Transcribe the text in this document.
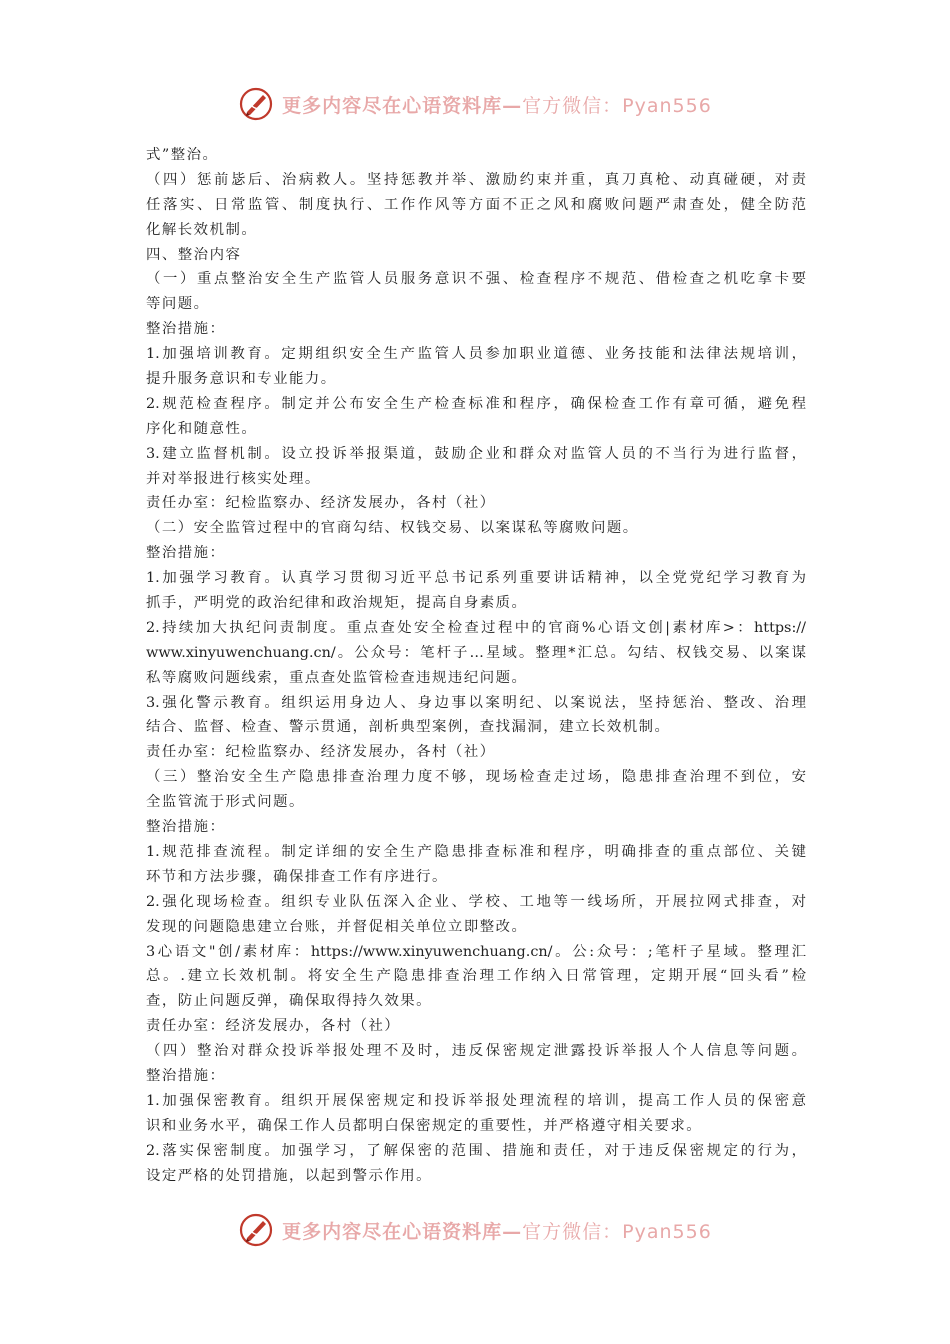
更多内容尽在心语资料库—官方微信：Pyan556
式”整治。
（四）惩前毖后、治病救人。坚持惩教并举、激励约束并重，真刀真枪、动真碰硬，对责
任落实、日常监管、制度执行、工作作风等方面不正之风和腐败问题严肃查处，健全防范
化解长效机制。
四、整治内容
（一）重点整治安全生产监管人员服务意识不强、检查程序不规范、借检查之机吃拿卡要
等问题。
整治措施：
1.加强培训教育。定期组织安全生产监管人员参加职业道德、业务技能和法律法规培训，
提升服务意识和专业能力。
2.规范检查程序。制定并公布安全生产检查标准和程序，确保检查工作有章可循，避免程
序化和随意性。
3.建立监督机制。设立投诉举报渠道，鼓励企业和群众对监管人员的不当行为进行监督，
并对举报进行核实处理。
责任办室：纪检监察办、经济发展办，各村（社）
（二）安全监管过程中的官商勾结、权钱交易、以案谋私等腐败问题。
整治措施：
1.加强学习教育。认真学习贯彻习近平总书记系列重要讲话精神，以全党党纪学习教育为
抓手，严明党的政治纪律和政治规矩，提高自身素质。
2.持续加大执纪问责制度。重点查处安全检查过程中的官商%心语文创|素材库>：https://
www.xinyuwenchuang.cn/。公众号：笔杆子…星域。整理*汇总。勾结、权钱交易、以案谋
私等腐败问题线索，重点查处监管检查违规违纪问题。
3.强化警示教育。组织运用身边人、身边事以案明纪、以案说法，坚持惩治、整改、治理
结合、监督、检查、警示贯通，剖析典型案例，查找漏洞，建立长效机制。
责任办室：纪检监察办、经济发展办，各村（社）
（三）整治安全生产隐患排查治理力度不够，现场检查走过场，隐患排查治理不到位，安
全监管流于形式问题。
整治措施：
1.规范排查流程。制定详细的安全生产隐患排查标准和程序，明确排查的重点部位、关键
环节和方法步骤，确保排查工作有序进行。
2.强化现场检查。组织专业队伍深入企业、学校、工地等一线场所，开展拉网式排查，对
发现的问题隐患建立台账，并督促相关单位立即整改。
3心语文"创/素材库：https://www.xinyuwenchuang.cn/。公:众号：;笔杆子星域。整理汇
总。.建立长效机制。将安全生产隐患排查治理工作纳入日常管理，定期开展“回头看”检
查，防止问题反弹，确保取得持久效果。
责任办室：经济发展办，各村（社）
（四）整治对群众投诉举报处理不及时，违反保密规定泄露投诉举报人个人信息等问题。
整治措施：
1.加强保密教育。组织开展保密规定和投诉举报处理流程的培训，提高工作人员的保密意
识和业务水平，确保工作人员都明白保密规定的重要性，并严格遵守相关要求。
2.落实保密制度。加强学习，了解保密的范围、措施和责任，对于违反保密规定的行为，
设定严格的处罚措施，以起到警示作用。
更多内容尽在心语资料库—官方微信：Pyan556
